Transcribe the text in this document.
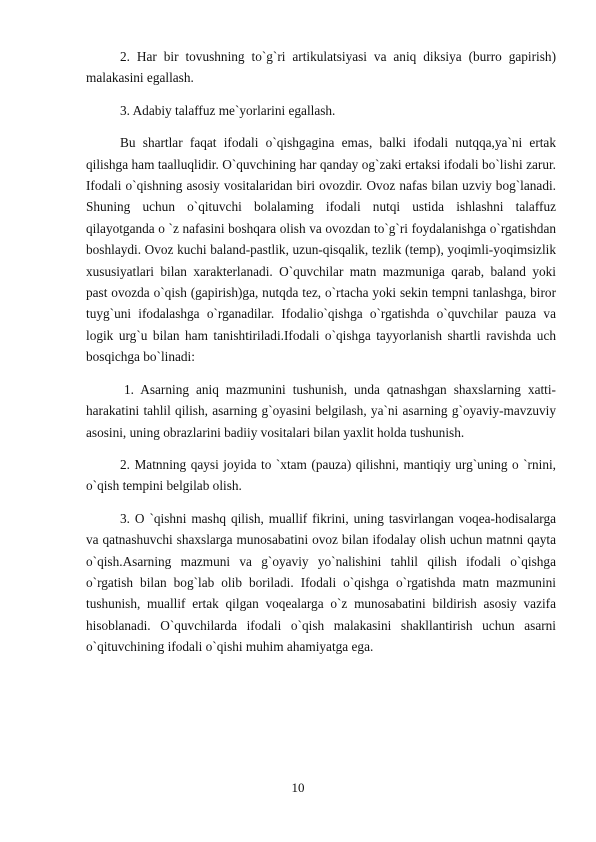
2. Har bir tovushning to`g`ri artikulatsiyasi va aniq diksiya (burro gapirish) malakasini egallash.

3. Adabiy talaffuz me`yorlarini egallash.

Bu shartlar faqat ifodali o`qishgagina emas, balki ifodali nutqqa,ya`ni ertak qilishga ham taalluqlidir. O`quvchining har qanday og`zaki ertaksi ifodali bo`lishi zarur. Ifodali o`qishning asosiy vositalaridan biri ovozdir. Ovoz nafas bilan uzviy bog`lanadi. Shuning uchun o`qituvchi bolalaming ifodali nutqi ustida ishlashni talaffuz qilayotganda o `z nafasini boshqara olish va ovozdan to`g`ri foydalanishga o`rgatishdan boshlaydi. Ovoz kuchi baland-pastlik, uzun-qisqalik, tezlik (temp), yoqimli-yoqimsizlik xususiyatlari bilan xarakterlanadi. O`quvchilar matn mazmuniga qarab, baland yoki past ovozda o`qish (gapirish)ga, nutqda tez, o`rtacha yoki sekin tempni tanlashga, biror tuyg`uni ifodalashga o`rganadilar. Ifodalio`qishga o`rgatishda o`quvchilar pauza va logik urg`u bilan ham tanishtiriladi.Ifodali o`qishga tayyorlanish shartli ravishda uch bosqichga bo`linadi:

1. Asarning aniq mazmunini tushunish, unda qatnashgan shaxslarning xatti-harakatini tahlil qilish, asarning g`oyasini belgilash, ya`ni asarning g`oyaviy-mavzuviy asosini, uning obrazlarini badiiy vositalari bilan yaxlit holda tushunish.

2. Matnning qaysi joyida to `xtam (pauza) qilishni, mantiqiy urg`uning o `rnini, o`qish tempini belgilab olish.

3. O `qishni mashq qilish, muallif fikrini, uning tasvirlangan voqea-hodisalarga va qatnashuvchi shaxslarga munosabatini ovoz bilan ifodalay olish uchun matnni qayta o`qish.Asarning mazmuni va g`oyaviy yo`nalishini tahlil qilish ifodali o`qishga o`rgatish bilan bog`lab olib boriladi. Ifodali o`qishga o`rgatishda matn mazmunini tushunish, muallif ertak qilgan voqealarga o`z munosabatini bildirish asosiy vazifa hisoblanadi. O`quvchilarda ifodali o`qish malakasini shakllantirish uchun asarni o`qituvchining ifodali o`qishi muhim ahamiyatga ega.

10
